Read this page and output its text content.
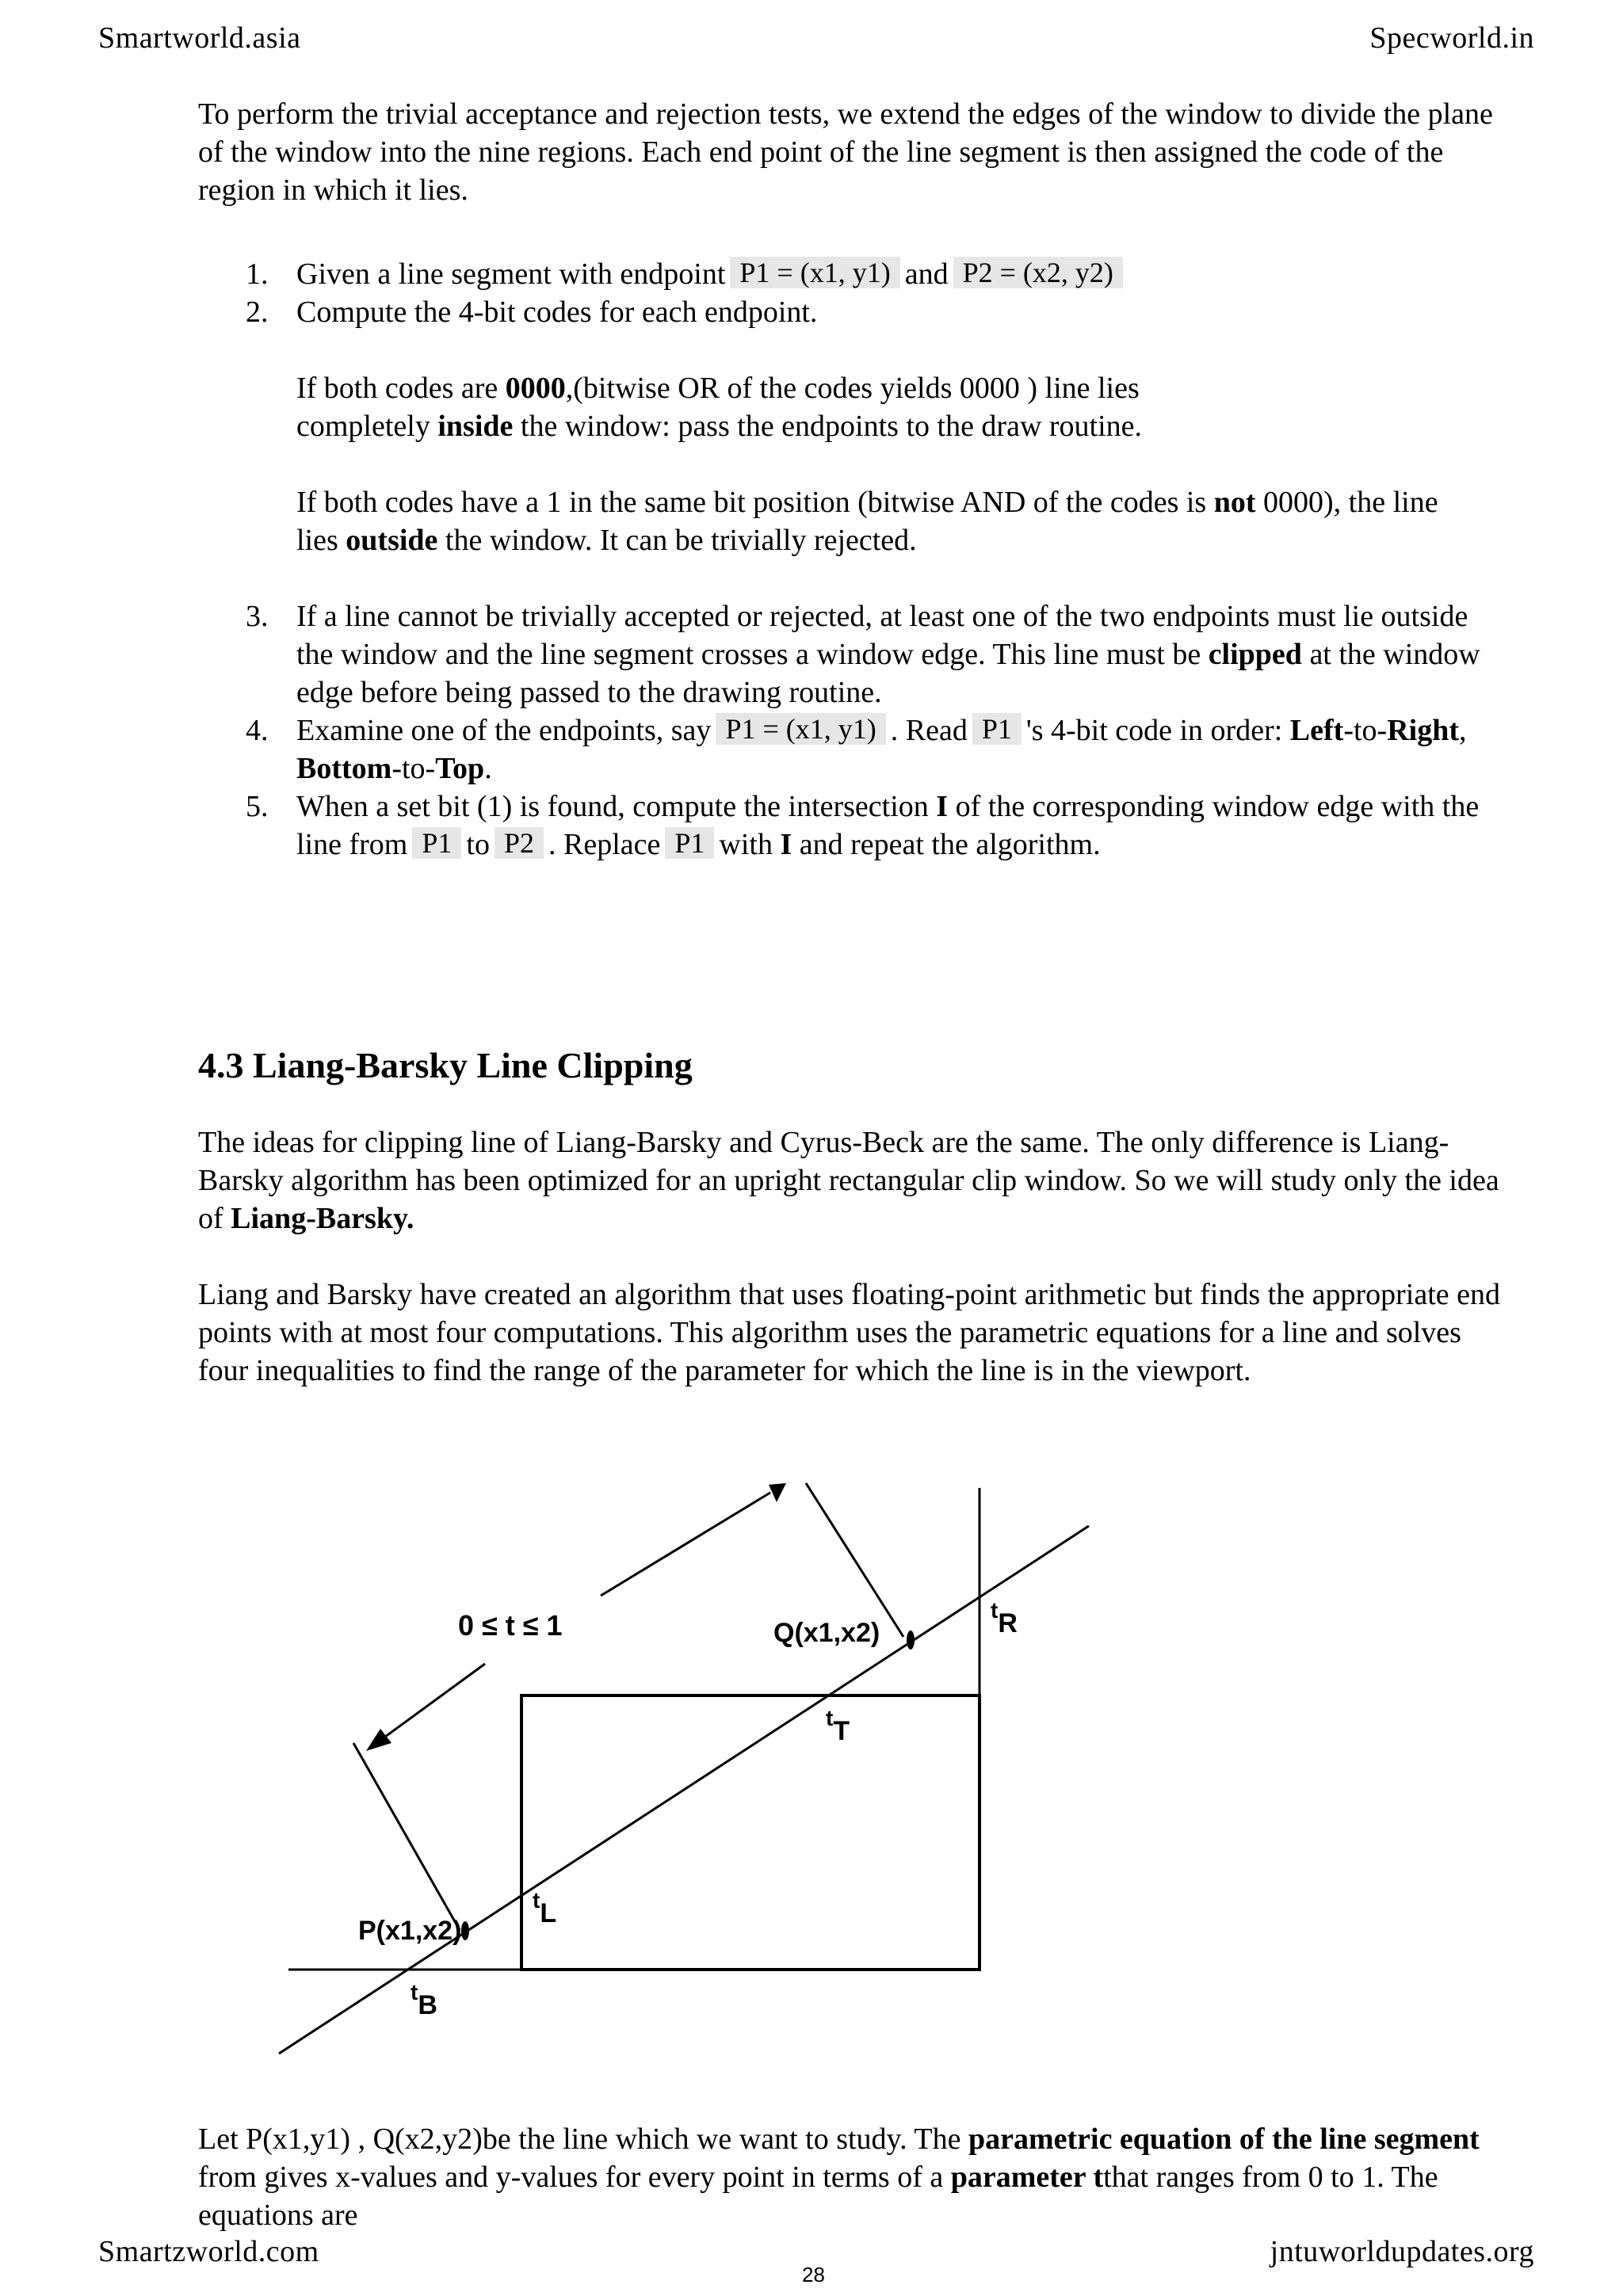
Smartworld.asia	Specworld.in

To perform the trivial acceptance and rejection tests, we extend the edges of the window to divide the plane of the window into the nine regions. Each end point of the line segment is then assigned the code of the region in which it lies.

1. Given a line segment with endpoint P1 = (x1, y1) and P2 = (x2, y2)

2. Compute the 4-bit codes for each endpoint.

If both codes are 0000,(bitwise OR of the codes yields 0000 ) line lies completely inside the window: pass the endpoints to the draw routine.

If both codes have a 1 in the same bit position (bitwise AND of the codes is not 0000), the line lies outside the window. It can be trivially rejected.

3. If a line cannot be trivially accepted or rejected, at least one of the two endpoints must lie outside the window and the line segment crosses a window edge. This line must be clipped at the window edge before being passed to the drawing routine.

4. Examine one of the endpoints, say P1 = (x1, y1) . Read P1 's 4-bit code in order: Left-to-Right, Bottom-to-Top.

5. When a set bit (1) is found, compute the intersection I of the corresponding window edge with the line from P1 to P2 . Replace P1 with I and repeat the algorithm.

4.3 Liang-Barsky Line Clipping

The ideas for clipping line of Liang-Barsky and Cyrus-Beck are the same. The only difference is Liang-Barsky algorithm has been optimized for an upright rectangular clip window. So we will study only the idea of Liang-Barsky.

Liang and Barsky have created an algorithm that uses floating-point arithmetic but finds the appropriate end points with at most four computations. This algorithm uses the parametric equations for a line and solves four inequalities to find the range of the parameter for which the line is in the viewport.

0 ≤ t ≤ 1	Q(x1,x2)
P(x1,x2)
tR
tT
tL
tB

Let P(x1,y1) , Q(x2,y2)be the line which we want to study. The parametric equation of the line segment from gives x-values and y-values for every point in terms of a parameter tthat ranges from 0 to 1. The equations are

Smartzworld.com
28
jntuworldupdates.org
